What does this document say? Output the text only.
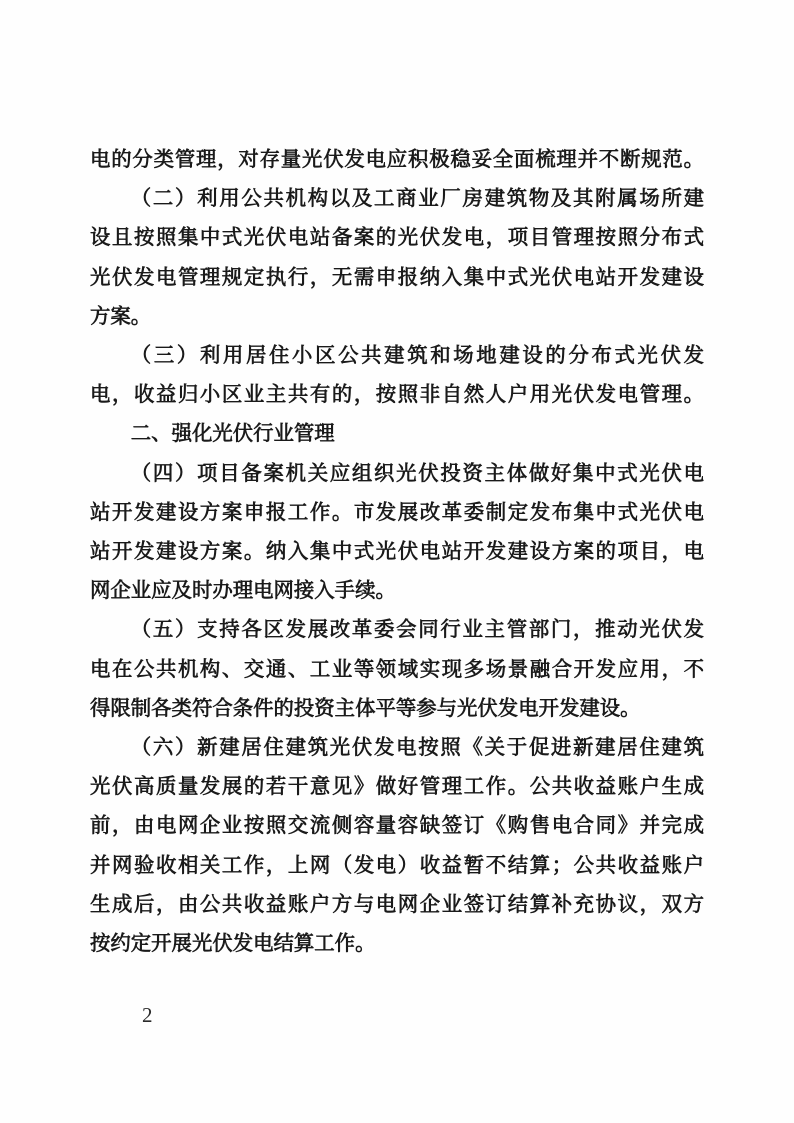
电的分类管理，对存量光伏发电应积极稳妥全面梳理并不断规范。
（二）利用公共机构以及工商业厂房建筑物及其附属场所建
设且按照集中式光伏电站备案的光伏发电，项目管理按照分布式
光伏发电管理规定执行，无需申报纳入集中式光伏电站开发建设
方案。
（三）利用居住小区公共建筑和场地建设的分布式光伏发
电，收益归小区业主共有的，按照非自然人户用光伏发电管理。
二、强化光伏行业管理
（四）项目备案机关应组织光伏投资主体做好集中式光伏电
站开发建设方案申报工作。市发展改革委制定发布集中式光伏电
站开发建设方案。纳入集中式光伏电站开发建设方案的项目，电
网企业应及时办理电网接入手续。
（五）支持各区发展改革委会同行业主管部门，推动光伏发
电在公共机构、交通、工业等领域实现多场景融合开发应用，不
得限制各类符合条件的投资主体平等参与光伏发电开发建设。
（六）新建居住建筑光伏发电按照《关于促进新建居住建筑
光伏高质量发展的若干意见》做好管理工作。公共收益账户生成
前，由电网企业按照交流侧容量容缺签订《购售电合同》并完成
并网验收相关工作，上网（发电）收益暂不结算；公共收益账户
生成后，由公共收益账户方与电网企业签订结算补充协议，双方
按约定开展光伏发电结算工作。
2
